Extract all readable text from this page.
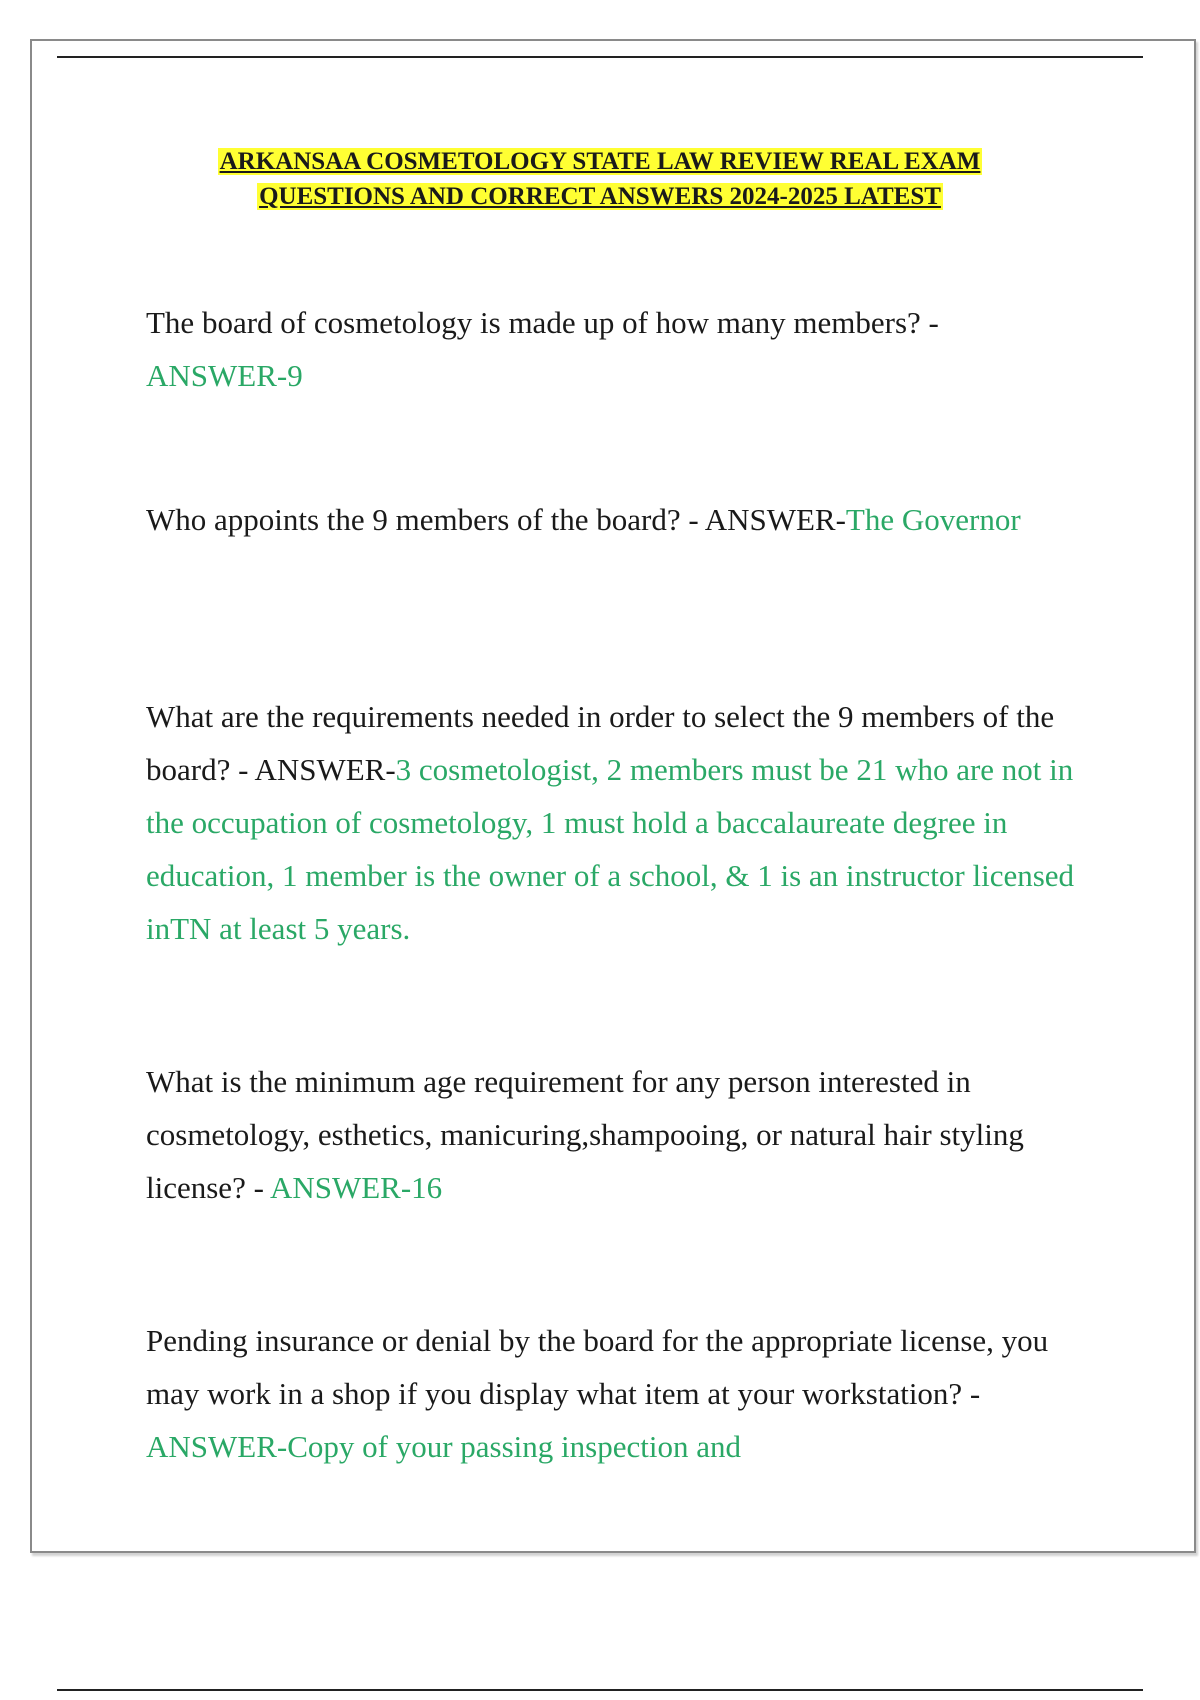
ARKANSAA COSMETOLOGY STATE LAW REVIEW REAL EXAM
QUESTIONS AND CORRECT ANSWERS 2024-2025 LATEST
The board of cosmetology is made up of how many members? - ANSWER-9
Who appoints the 9 members of the board? - ANSWER-The Governor
What are the requirements needed in order to select the 9 members of the board? - ANSWER-3 cosmetologist, 2 members must be 21 who are not in the occupation of cosmetology, 1 must hold a baccalaureate degree in education, 1 member is the owner of a school, & 1 is an instructor licensed inTN at least 5 years.
What is the minimum age requirement for any person interested in cosmetology, esthetics, manicuring,shampooing, or natural hair styling license? - ANSWER-16
Pending insurance or denial by the board for the appropriate license, you may work in a shop if you display what item at your workstation? - ANSWER-Copy of your passing inspection and
